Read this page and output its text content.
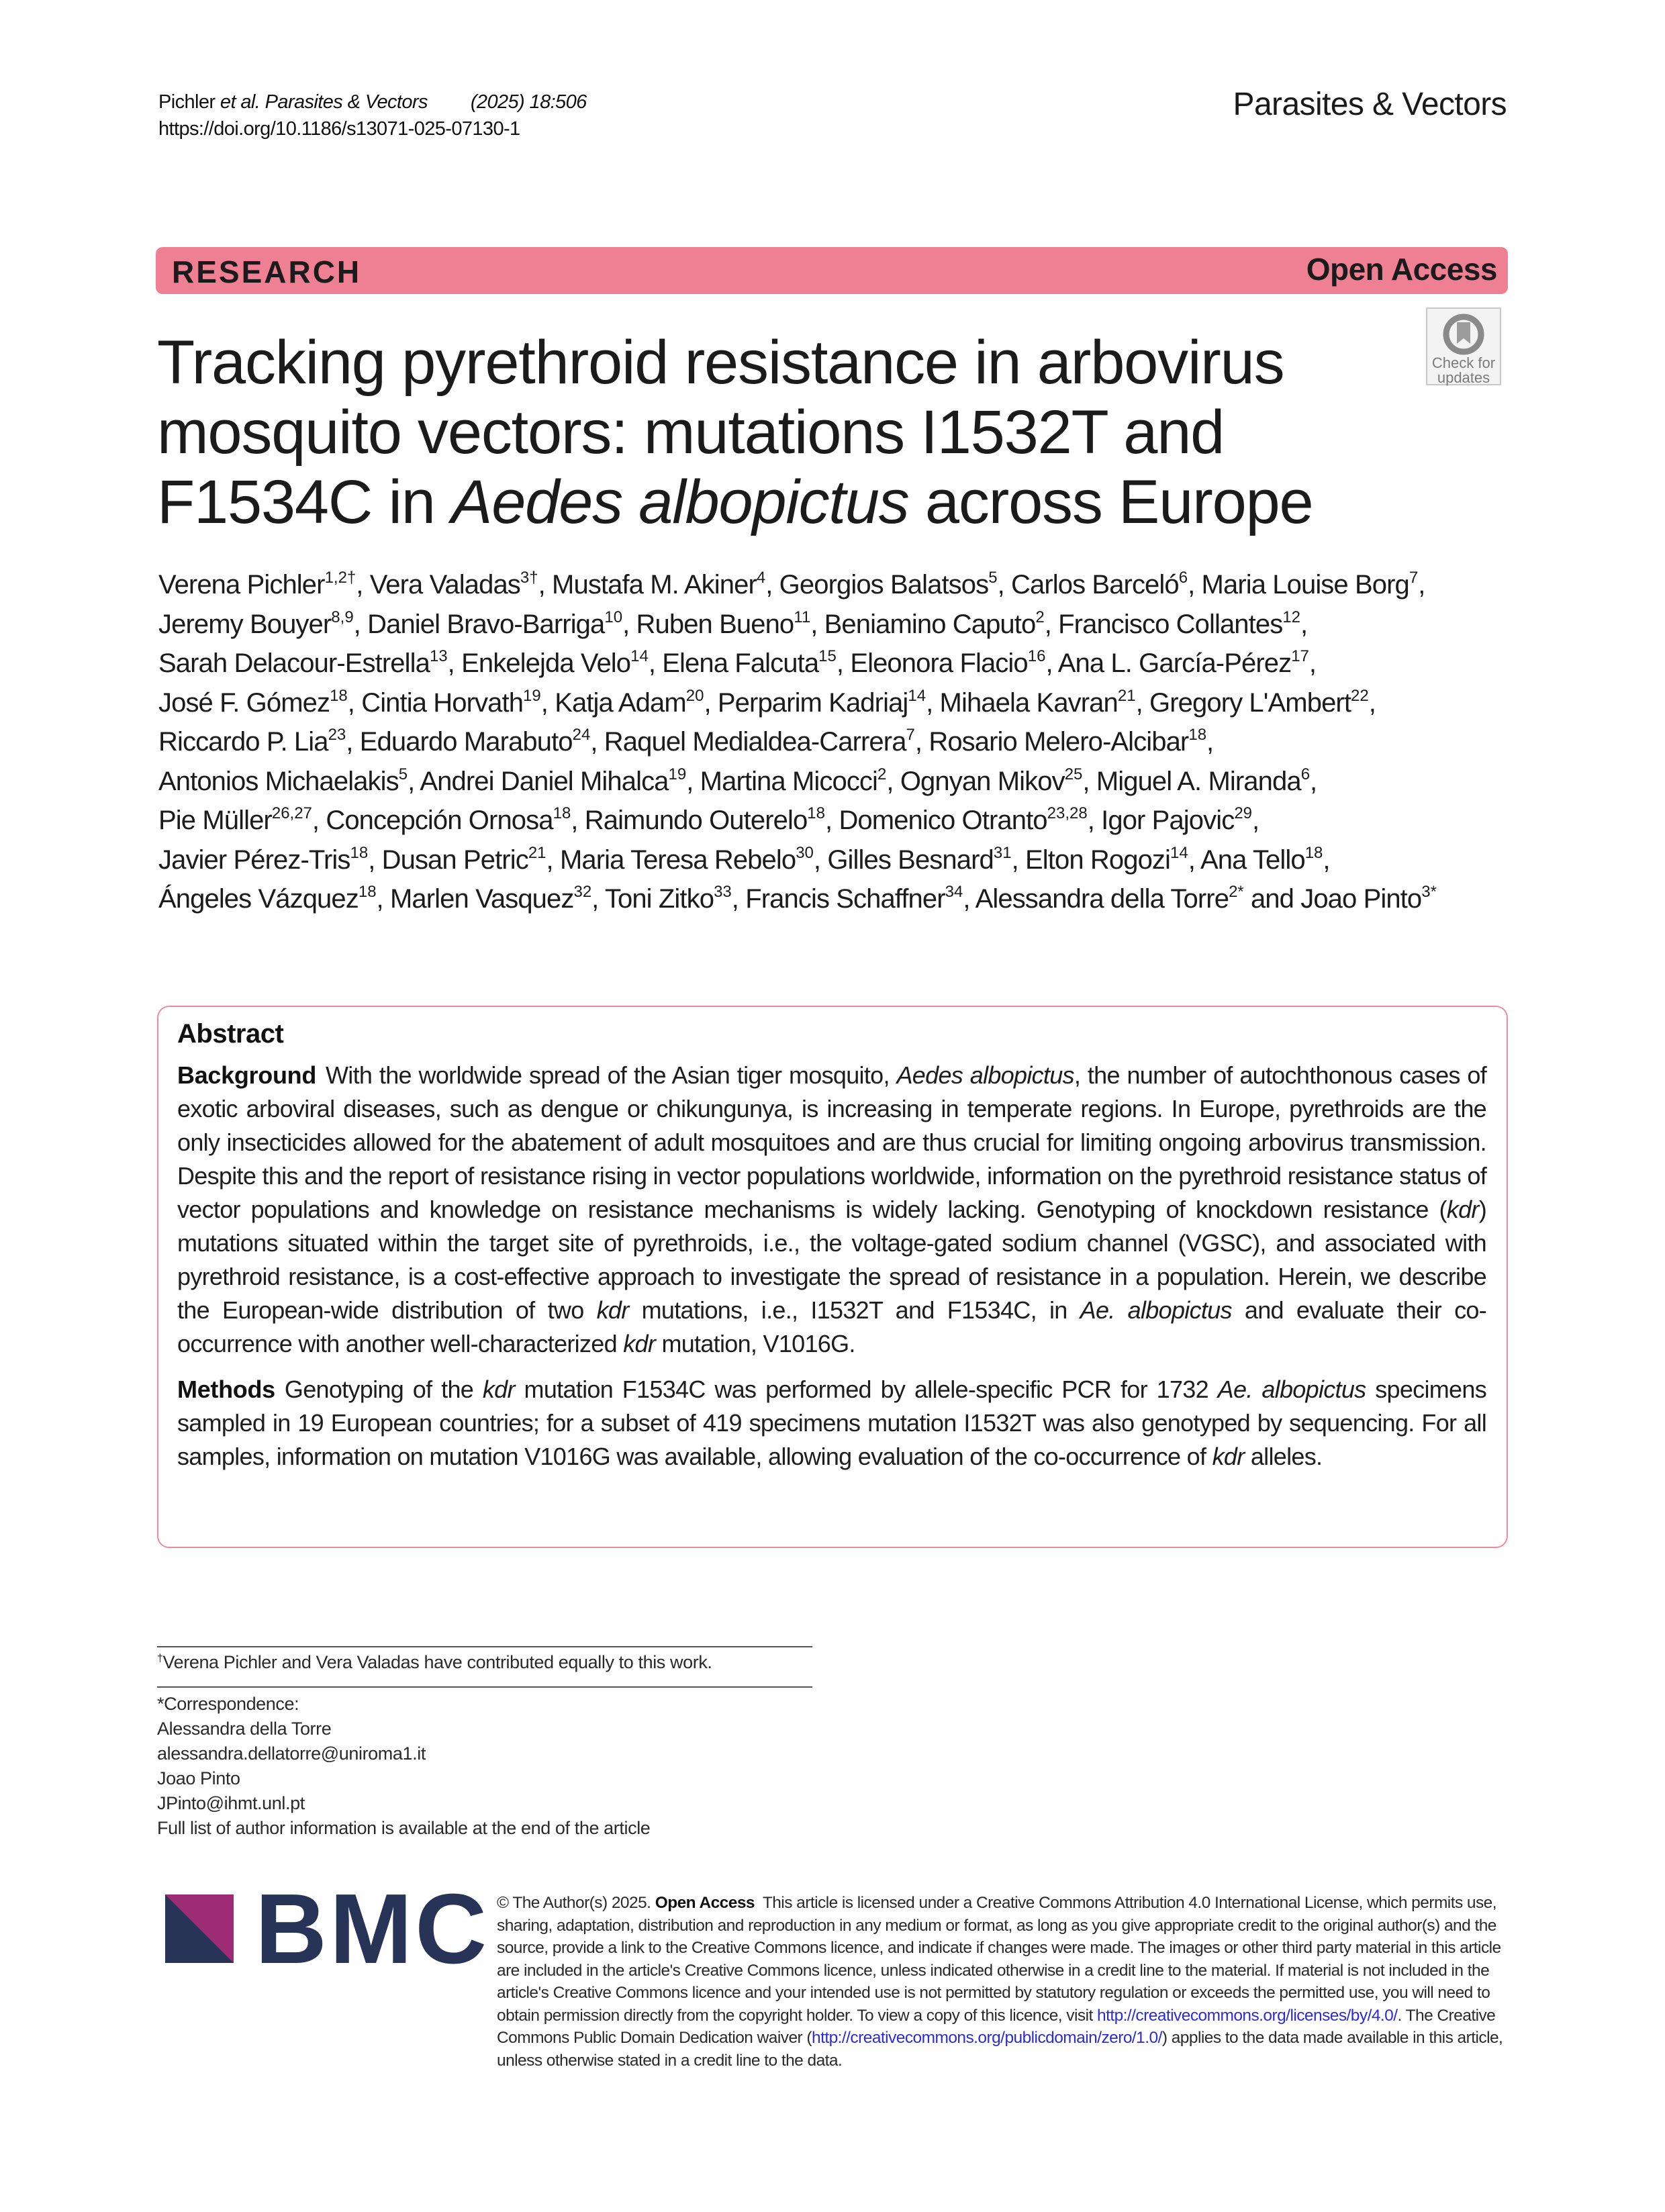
Pichler et al. Parasites & Vectors (2025) 18:506
https://doi.org/10.1186/s13071-025-07130-1
Parasites & Vectors
RESEARCH	Open Access
Check for
updates
Tracking pyrethroid resistance in arbovirus mosquito vectors: mutations I1532T and F1534C in Aedes albopictus across Europe
Verena Pichler$^{1,2\dagger}$, Vera Valadas$^{3\dagger}$, Mustafa M. Akiner$^4$, Georgios Balatsos$^5$, Carlos Barceló$^6$, Maria Louise Borg$^7$,
Jeremy Bouyer$^{8,9}$, Daniel Bravo-Barriga$^{10}$, Ruben Bueno$^{11}$, Beniamino Caputo$^2$, Francisco Collantes$^{12}$,
Sarah Delacour-Estrella$^{13}$, Enkelejda Velo$^{14}$, Elena Falcuta$^{15}$, Eleonora Flacio$^{16}$, Ana L. García-Pérez$^{17}$,
José F. Gómez$^{18}$, Cintia Horvath$^{19}$, Katja Adam$^{20}$, Perparim Kadriaj$^{14}$, Mihaela Kavran$^{21}$, Gregory L'Ambert$^{22}$,
Riccardo P. Lia$^{23}$, Eduardo Marabuto$^{24}$, Raquel Medialdea-Carrera$^7$, Rosario Melero-Alcibar$^{18}$,
Antonios Michaelakis$^5$, Andrei Daniel Mihalca$^{19}$, Martina Micocci$^2$, Ognyan Mikov$^{25}$, Miguel A. Miranda$^6$,
Pie Müller$^{26,27}$, Concepción Ornosa$^{18}$, Raimundo Outerelo$^{18}$, Domenico Otranto$^{23,28}$, Igor Pajovic$^{29}$,
Javier Pérez-Tris$^{18}$, Dusan Petric$^{21}$, Maria Teresa Rebelo$^{30}$, Gilles Besnard$^{31}$, Elton Rogozi$^{14}$, Ana Tello$^{18}$,
Ángeles Vázquez$^{18}$, Marlen Vasquez$^{32}$, Toni Zitko$^{33}$, Francis Schaffner$^{34}$, Alessandra della Torre$^{2*}$ and Joao Pinto$^{3*}$
Abstract

Background With the worldwide spread of the Asian tiger mosquito, Aedes albopictus, the number of autochthonous cases of exotic arboviral diseases, such as dengue or chikungunya, is increasing in temperate regions. In Europe, pyrethroids are the only insecticides allowed for the abatement of adult mosquitoes and are thus crucial for limiting ongoing arbovirus transmission. Despite this and the report of resistance rising in vector populations worldwide, information on the pyrethroid resistance status of vector populations and knowledge on resistance mechanisms is widely lacking. Genotyping of knockdown resistance (kdr) mutations situated within the target site of pyrethroids, i.e., the voltage-gated sodium channel (VGSC), and associated with pyrethroid resistance, is a cost-effective approach to investigate the spread of resistance in a population. Herein, we describe the European-wide distribution of two kdr mutations, i.e., I1532T and F1534C, in Ae. albopictus and evaluate their co-occurrence with another well-characterized kdr mutation, V1016G.

Methods Genotyping of the kdr mutation F1534C was performed by allele-specific PCR for 1732 Ae. albopictus specimens sampled in 19 European countries; for a subset of 419 specimens mutation I1532T was also genotyped by sequencing. For all samples, information on mutation V1016G was available, allowing evaluation of the co-occurrence of kdr alleles.

†Verena Pichler and Vera Valadas have contributed equally to this work.
*Correspondence:
Alessandra della Torre
alessandra.dellatorre@uniroma1.it
Joao Pinto
JPinto@ihmt.unl.pt
Full list of author information is available at the end of the article
BMC © The Author(s) 2025. Open Access This article is licensed under a Creative Commons Attribution 4.0 International License, which permits use, sharing, adaptation, distribution and reproduction in any medium or format, as long as you give appropriate credit to the original author(s) and the source, provide a link to the Creative Commons licence, and indicate if changes were made. The images or other third party material in this article are included in the article's Creative Commons licence, unless indicated otherwise in a credit line to the material. If material is not included in the article's Creative Commons licence and your intended use is not permitted by statutory regulation or exceeds the permitted use, you will need to obtain permission directly from the copyright holder. To view a copy of this licence, visit http://creativecommons.org/licenses/by/4.0/. The Creative Commons Public Domain Dedication waiver (http://creativecommons.org/publicdomain/zero/1.0/) applies to the data made available in this article, unless otherwise stated in a credit line to the data.
